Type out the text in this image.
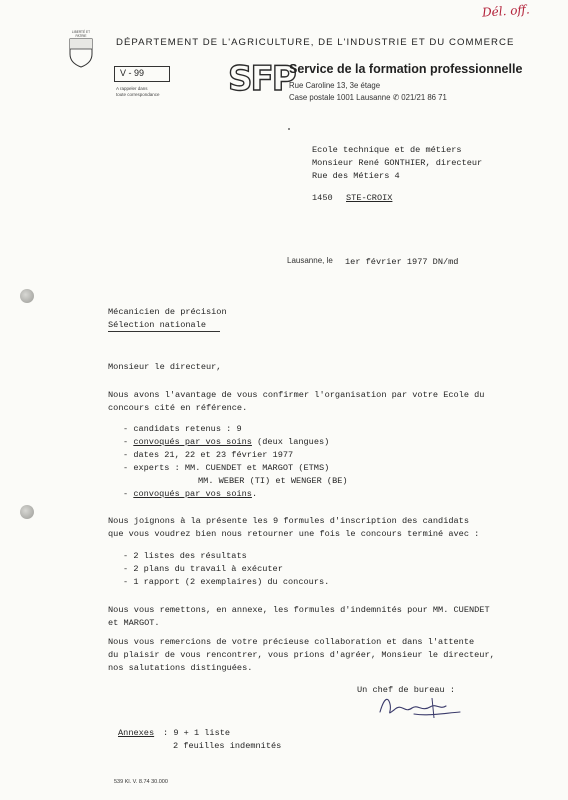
Dél. off.
LIBERTÉ ET
PATRIE
DÉPARTEMENT DE L'AGRICULTURE, DE L'INDUSTRIE ET DU COMMERCE
V - 99
A rappeler dans
toute correspondance SFP
Service de la formation professionnelle
Rue Caroline 13, 3e étage
Case postale 1001 Lausanne ✆ 021/21 86 71
Ecole technique et de métiers
Monsieur René GONTHIER, directeur
Rue des Métiers 4
1450 STE-CROIX
Lausanne, le 1er février 1977 DN/md
Mécanicien de précision
Sélection nationale
Monsieur le directeur,
Nous avons l'avantage de vous confirmer l'organisation par votre Ecole du
concours cité en référence.
- candidats retenus : 9
- convoqués par vos soins (deux langues)
- dates 21, 22 et 23 février 1977
- experts : MM. CUENDET et MARGOT (ETMS)
MM. WEBER (TI) et WENGER (BE)
- convoqués par vos soins.
Nous joignons à la présente les 9 formules d'inscription des candidats
que vous voudrez bien nous retourner une fois le concours terminé avec :
- 2 listes des résultats
- 2 plans du travail à exécuter
- 1 rapport (2 exemplaires) du concours.
Nous vous remettons, en annexe, les formules d'indemnités pour MM. CUENDET
et MARGOT.
Nous vous remercions de votre précieuse collaboration et dans l'attente
du plaisir de vous rencontrer, vous prions d'agréer, Monsieur le directeur,
nos salutations distinguées.
Un chef de bureau :
Annexes : 9 + 1 liste
2 feuilles indemnités
539 Kl. V. 8.74 30.000
